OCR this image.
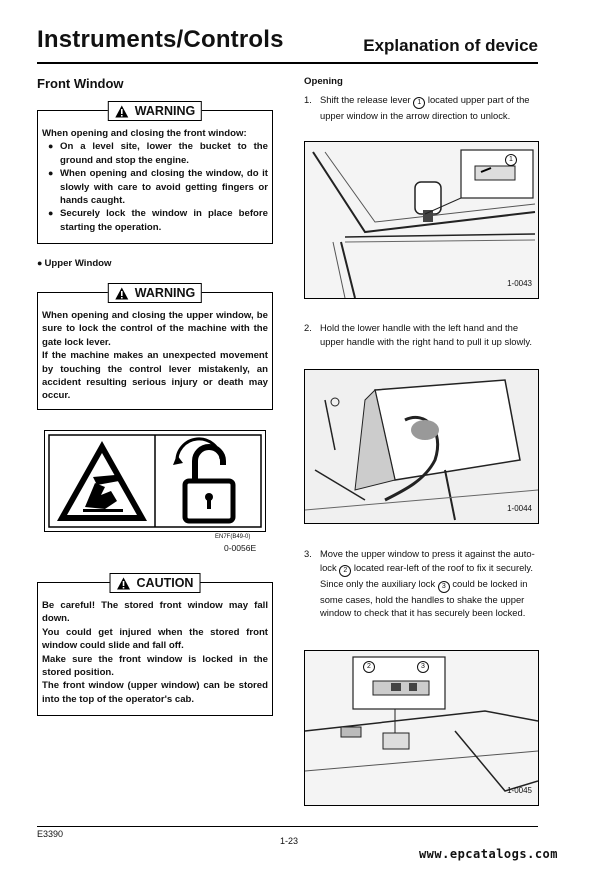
Instruments/Controls	Explanation of device
Front Window
WARNING

When opening and closing the front window:

● On a level site, lower the bucket to the ground and stop the engine.
● When opening and closing the window, do it slowly with care to avoid getting fingers or hands caught.
● Securely lock the window in place before starting the operation.
● Upper Window
WARNING

When opening and closing the upper window, be sure to lock the control of the machine with the gate lock lever.

If the machine makes an unexpected movement by touching the control lever mistakenly, an accident resulting serious injury or death may occur.

EN7F(B49-0)
0-0056E
CAUTION

Be careful! The stored front window may fall down.

You could get injured when the stored front window could slide and fall off.

Make sure the front window is locked in the stored position.

The front window (upper window) can be stored into the top of the operator's cab.

Opening
1. Shift the release lever 1 located upper part of the upper window in the arrow direction to unlock.
1
1-0043
2. Hold the lower handle with the left hand and the upper handle with the right hand to pull it up slowly.
1-0044
3. Move the upper window to press it against the auto-lock 2 located rear-left of the roof to fix it securely.
Since only the auxiliary lock 3 could be locked in some cases, hold the handles to shake the upper window to check that it has securely been locked.
2	3
1-0045
E3390
1-23
www.epcatalogs.com
